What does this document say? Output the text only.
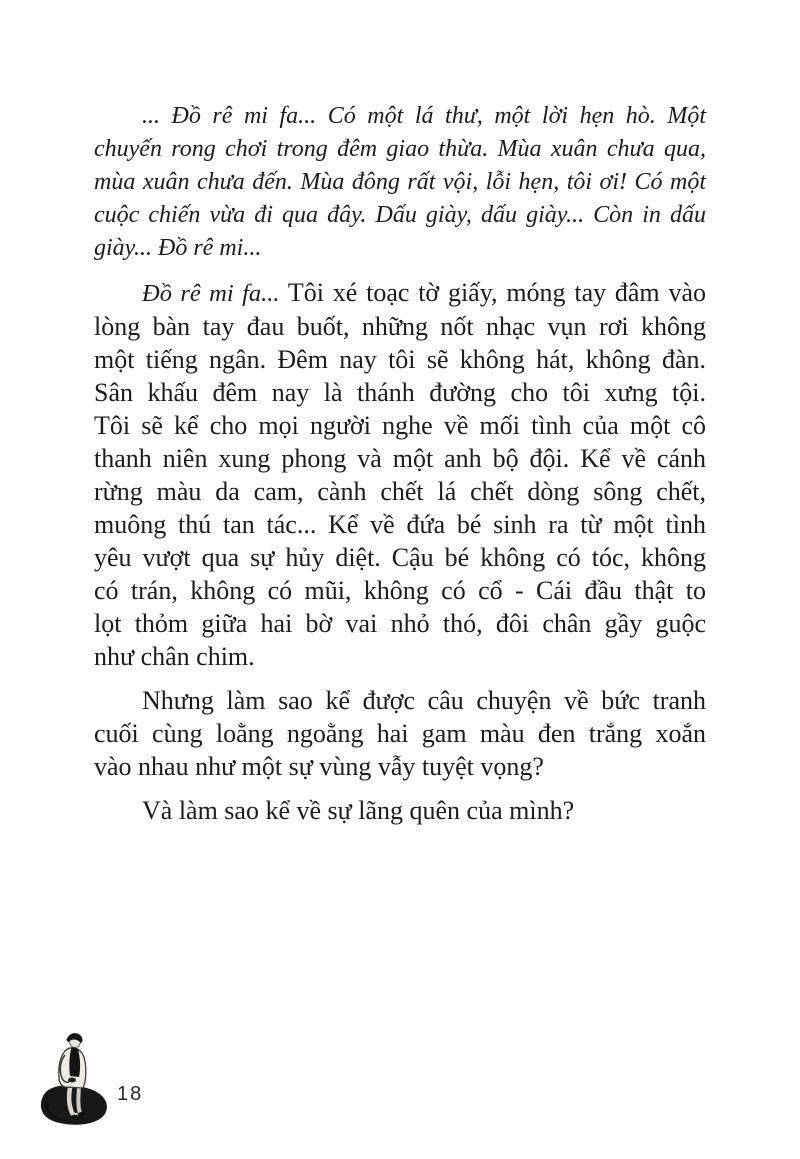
... Đồ rê mi fa... Có một lá thư, một lời hẹn hò. Một
chuyến rong chơi trong đêm giao thừa. Mùa xuân chưa qua,
mùa xuân chưa đến. Mùa đông rất vội, lỗi hẹn, tôi ơi! Có một
cuộc chiến vừa đi qua đây. Dấu giày, dấu giày... Còn in dấu
giày... Đồ rê mi...
Đồ rê mi fa... Tôi xé toạc tờ giấy, móng tay đâm vào
lòng bàn tay đau buốt, những nốt nhạc vụn rơi không
một tiếng ngân. Đêm nay tôi sẽ không hát, không đàn.
Sân khấu đêm nay là thánh đường cho tôi xưng tội.
Tôi sẽ kể cho mọi người nghe về mối tình của một cô
thanh niên xung phong và một anh bộ đội. Kể về cánh
rừng màu da cam, cành chết lá chết dòng sông chết,
muông thú tan tác... Kể về đứa bé sinh ra từ một tình
yêu vượt qua sự hủy diệt. Cậu bé không có tóc, không
có trán, không có mũi, không có cổ - Cái đầu thật to
lọt thỏm giữa hai bờ vai nhỏ thó, đôi chân gầy guộc
như chân chim.
Nhưng làm sao kể được câu chuyện về bức tranh
cuối cùng loằng ngoằng hai gam màu đen trắng xoắn
vào nhau như một sự vùng vẫy tuyệt vọng?
Và làm sao kể về sự lãng quên của mình?
18
